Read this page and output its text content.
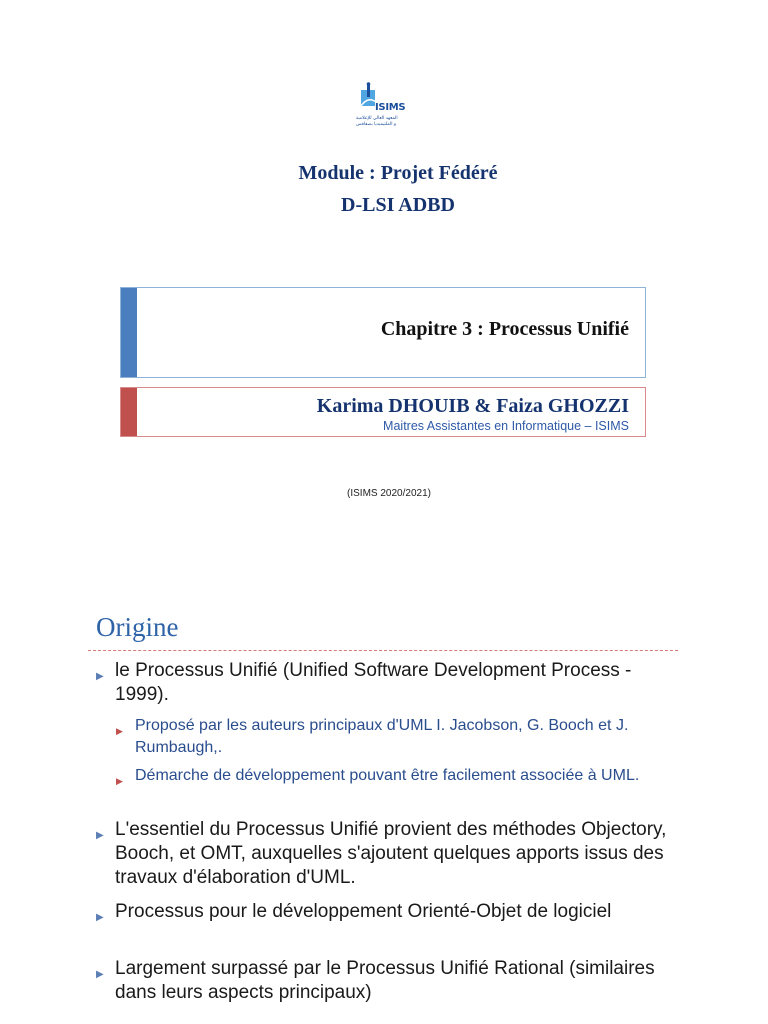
ISIMS
المعهد العالي للإعلامية
و الملتيميديا بصفاقس
Module : Projet Fédéré
D-LSI ADBD
Chapitre 3 : Processus Unifié
Karima DHOUIB & Faiza GHOZZI
Maitres Assistantes en Informatique – ISIMS
(ISIMS 2020/2021)
Origine
▶ le Processus Unifié (Unified Software Development Process - 1999).
▶ Proposé par les auteurs principaux d'UML I. Jacobson, G. Booch et J. Rumbaugh,.
▶ Démarche de développement pouvant être facilement associée à UML.
▶ L'essentiel du Processus Unifié provient des méthodes Objectory, Booch, et OMT, auxquelles s'ajoutent quelques apports issus des travaux d'élaboration d'UML.
▶ Processus pour le développement Orienté-Objet de logiciel
▶ Largement surpassé par le Processus Unifié Rational (similaires dans leurs aspects principaux)
